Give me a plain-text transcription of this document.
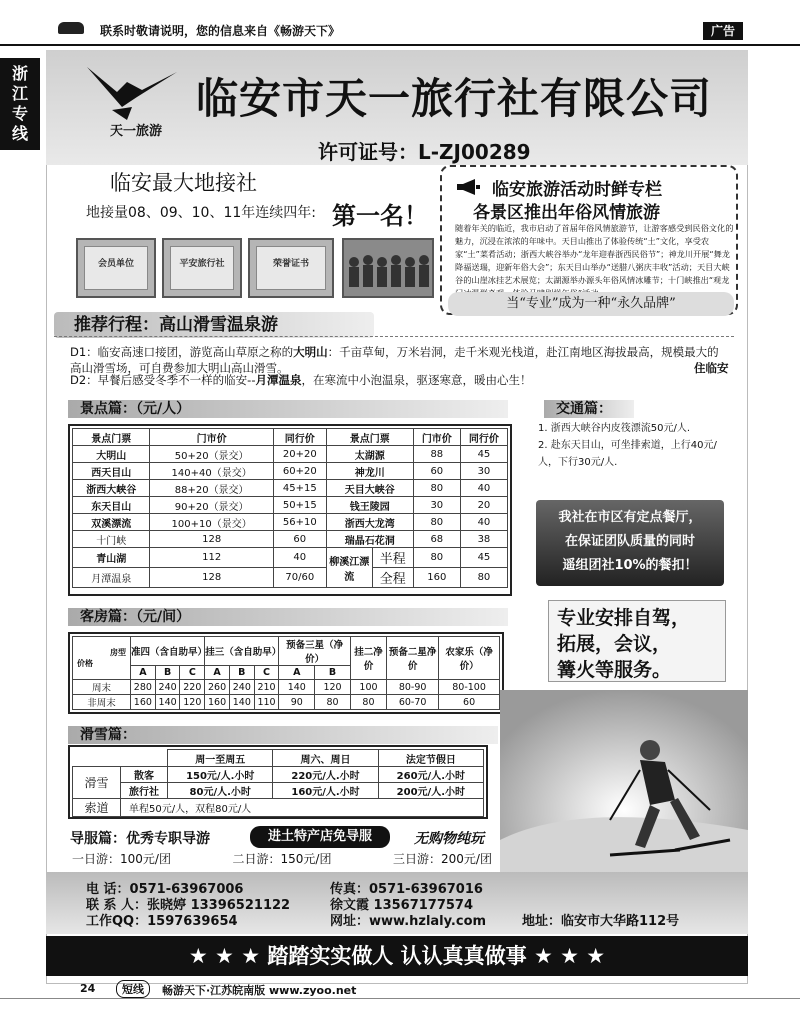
联系时敬请说明，您的信息来自《畅游天下》	广告
浙江专线	天一旅游
临安市天一旅行社有限公司
许可证号：L-ZJ00289
临安最大地接社
地接量08、09、10、11年连续四年: 第一名！
会员单位	平安旅行社	荣誉证书
临安旅游活动时鲜专栏
各景区推出年俗风情旅游
随着年关的临近，我市启动了首届年俗风情旅游节，让游客感受到民俗文化的魅力，沉浸在浓浓的年味中。天目山推出了体验传统“土”文化，享受农家“土”菜肴活动；浙西大峡谷举办“龙年迎春浙西民俗节”；神龙川开展“舞龙降福送瑞，迎新年俗大会”；东天目山举办“送腊八粥庆丰收”活动；天目大峡谷的山崖冰挂艺术展览；太湖源举办源头年俗风情冰雕节；十门峡推出“观龙
当“专业”成为一种“永久品牌”
推荐行程：高山滑雪温泉游
D1：临安高速口接团，游览高山草原之称的大明山：千亩草甸，万米岩洞，走千米观光栈道，赴江南地区海拔最高，规模最大的高山滑雪场，可自费参加大明山高山滑雪。	住临安
D2：早餐后感受冬季不一样的临安--月潭温泉，在寒流中小泡温泉，驱逐寒意，暖由心生！
景点篇：（元/人）
景点门票	门市价	同行价	景点门票		门市价	同行价
大明山	50+20（景交）	20+20	太湖源		88	45
西天目山	140+40（景交）	60+20	神龙川		60	30
浙西大峡谷	88+20（景交）	45+15	天目大峡谷		80	40
东天目山	90+20（景交）	50+15	钱王陵园		30	20
双溪漂流	100+10（景交）	56+10	浙西大龙湾		80	40
十门峡	128	60	瑞晶石花洞		68	38
青山湖	112	40	柳溪江漂流	半程	80	45
月潭温泉	128	70/60		全程	160	80
交通篇：
1. 浙西大峡谷内皮筏漂流50元/人.
2. 赴东天目山，可坐排索道，上行40元/人，下行30元/人.
我社在市区有定点餐厅，
在保证团队质量的同时
遥组团社10%的餐扣！
专业安排自驾，
拓展，会议，
篝火等服务。
客房篇：（元/间）
房型
价格	准四（含自助早）			挂三（含自助早）			预备三星（净价）		挂二净价	预备二星净价	农家乐（净价）
	A	B	C	A	B	C	A	B			
周末	280	240	220	260	240	210	140	120	100	80-90	80-100
非周末	160	140	120	160	140	110	90	80	80	60-70	60
滑雪篇：
		周一至周五	周六、周日	法定节假日
滑雪	散客	150元/人.小时	220元/人.小时	260元/人.小时
	旅行社	80元/人.小时	160元/人.小时	200元/人.小时
索道	单程50元/人，双程80元/人			
导服篇：优秀专职导游	进土特产店免导服	无购物纯玩
一日游：100元/团	二日游：150元/团	三日游：200元/团
电 话：0571-63967006	传真：0571-63967016
联 系 人：张晓婷 13396521122	徐文霞 13567177574
工作QQ：1597639654	网址：www.hzlaly.com	地址：临安市大华路112号
★ ★ ★ 踏踏实实做人 认认真真做事 ★ ★ ★
24	短线	畅游天下·江苏皖南版 www.zyoo.net
